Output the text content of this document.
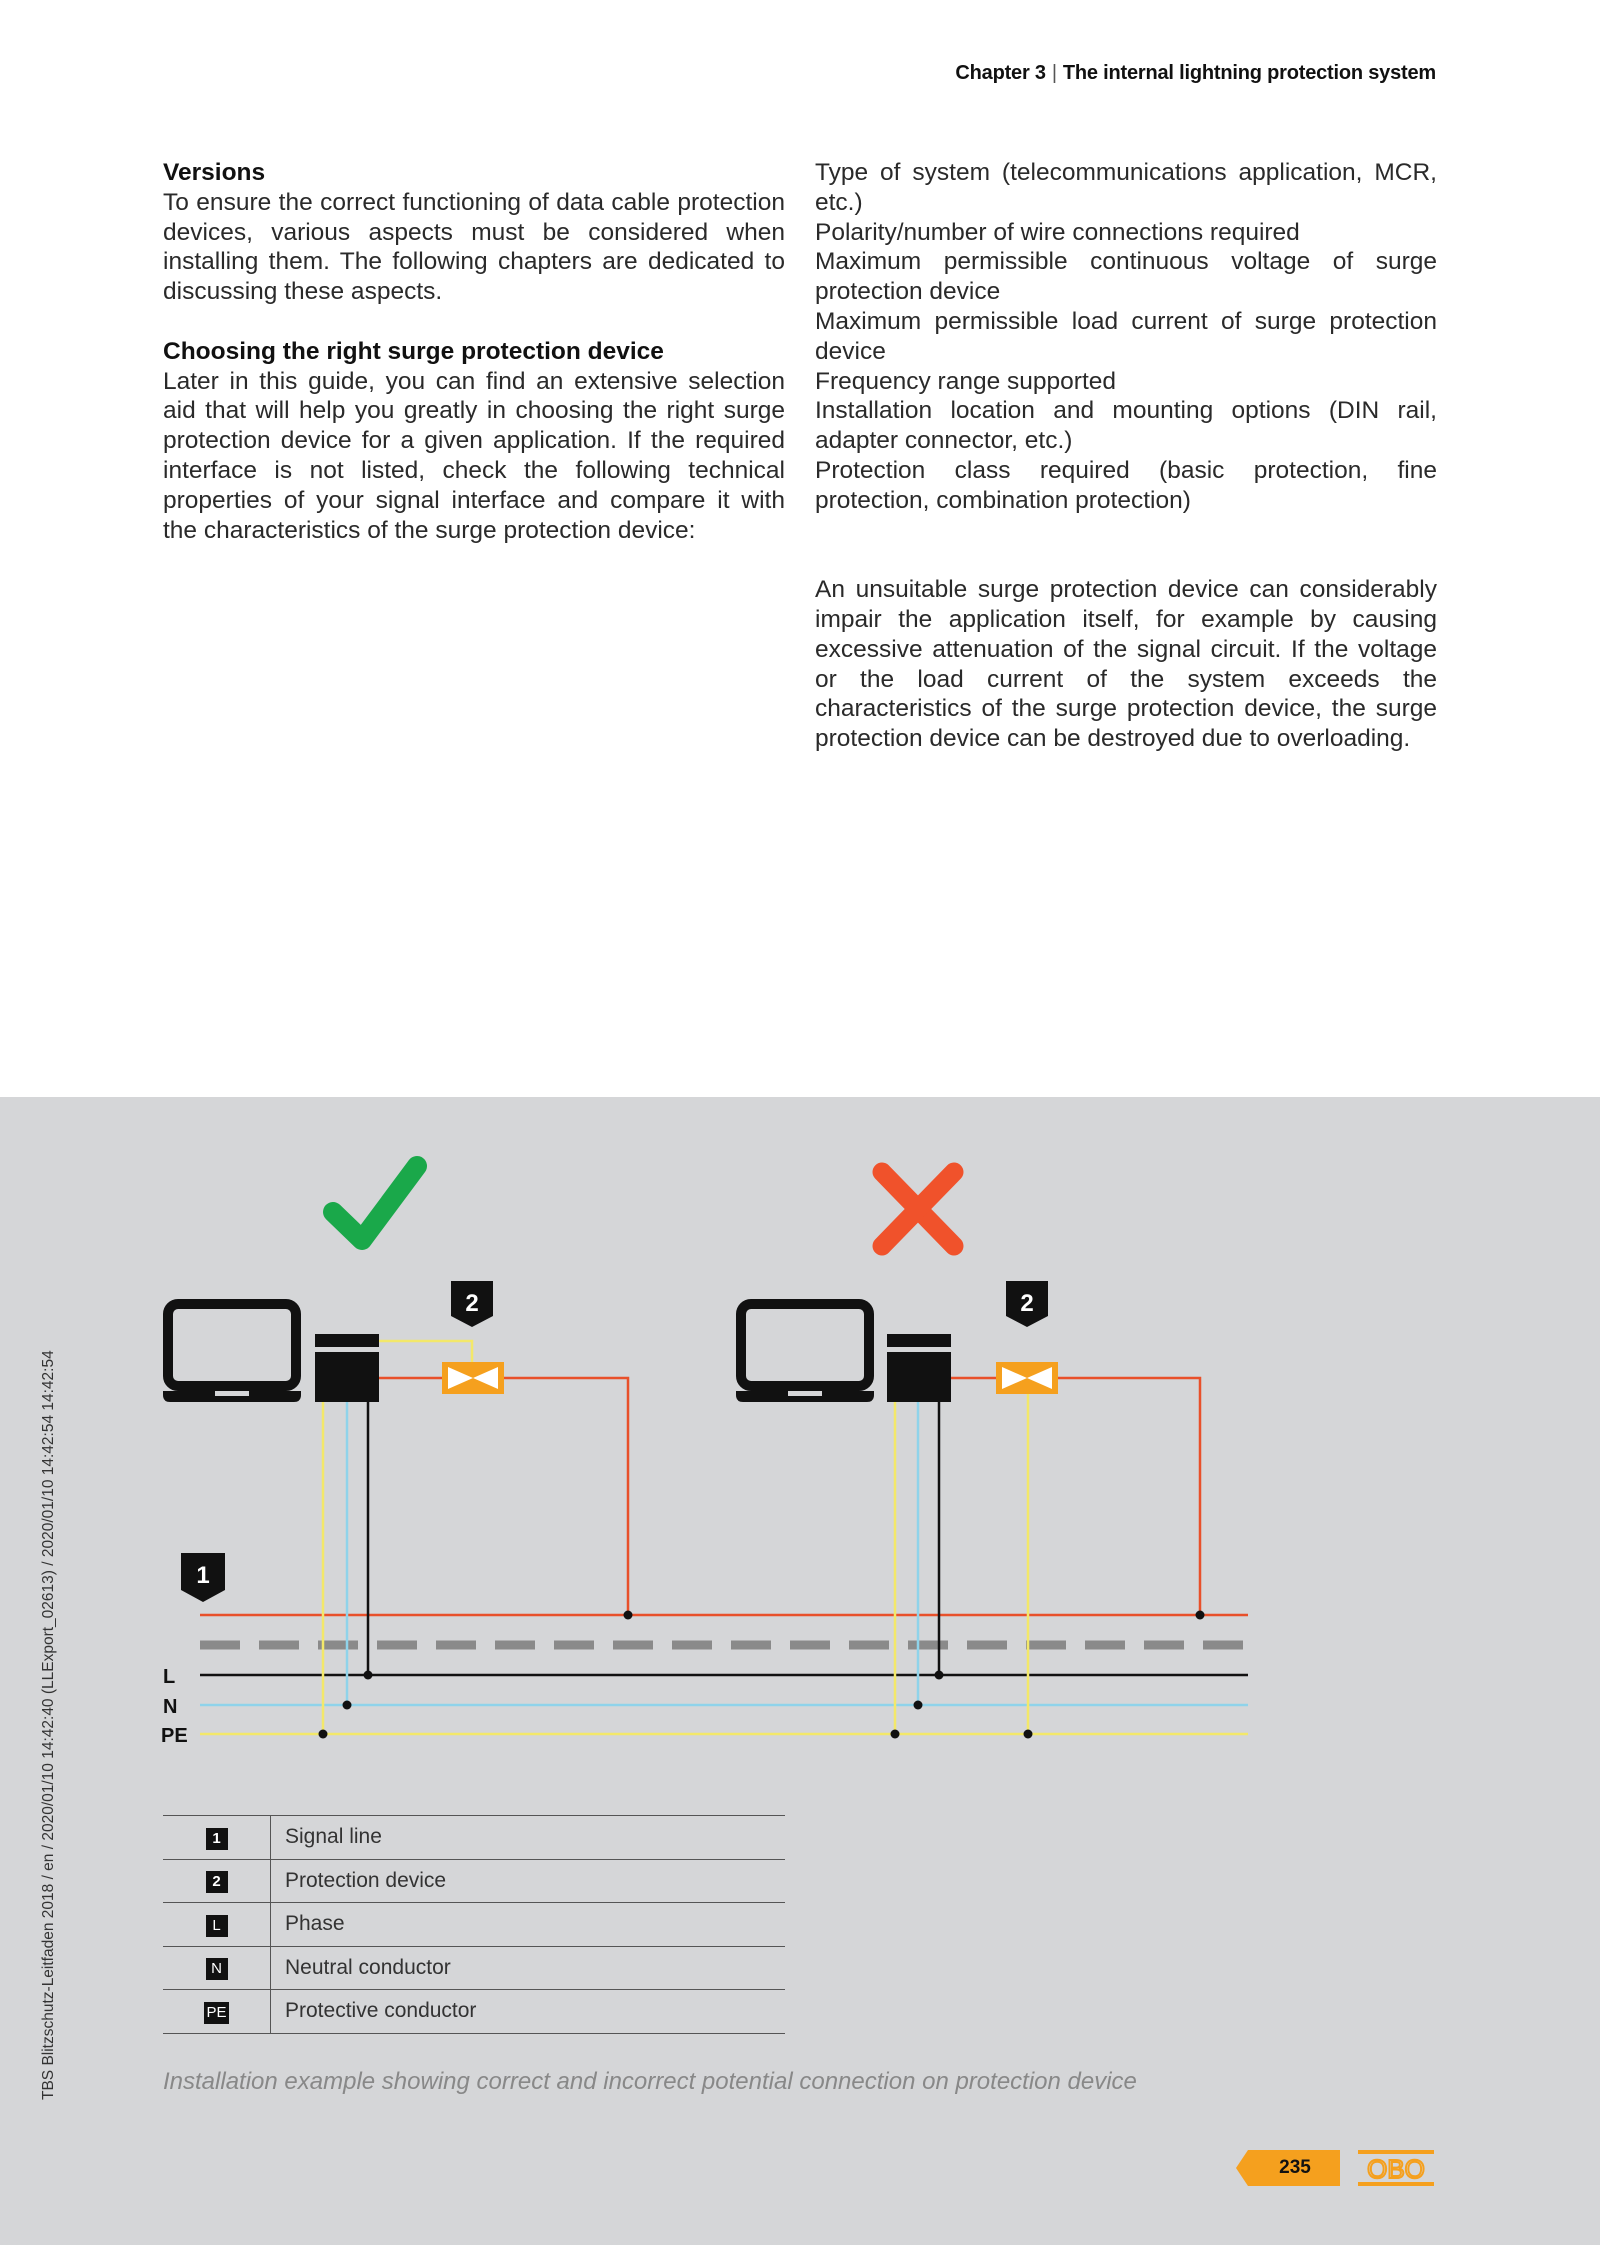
Chapter 3 | The internal lightning protection system
Versions

To ensure the correct functioning of data cable protection devices, various aspects must be considered when installing them. The following chapters are dedicated to discussing these aspects.

Choosing the right surge protection device

Later in this guide, you can find an extensive selection aid that will help you greatly in choosing the right surge protection device for a given application. If the required interface is not listed, check the following technical properties of your signal interface and compare it with the characteristics of the surge protection device:

Type of system (telecommunications application, MCR, etc.)
Polarity/number of wire connections required
Maximum permissible continuous voltage of surge protection device
Maximum permissible load current of surge protection device
Frequency range supported
Installation location and mounting options (DIN rail, adapter connector, etc.)
Protection class required (basic protection, fine protection, combination protection)

An unsuitable surge protection device can considerably impair the application itself, for example by causing excessive attenuation of the signal circuit. If the voltage or the load current of the system exceeds the characteristics of the surge protection device, the surge protection device can be destroyed due to overloading.

L
N
PE
1
2	2
TBS Blitzschutz-Leitfaden 2018 / en / 2020/01/10 14:42:40 (LLExport_02613) / 2020/01/10 14:42:54 14:42:54	1	Signal line
2	Protection device
L	Phase
N	Neutral conductor
PE	Protective conductor
Installation example showing correct and incorrect potential connection on protection device
235	OBO
